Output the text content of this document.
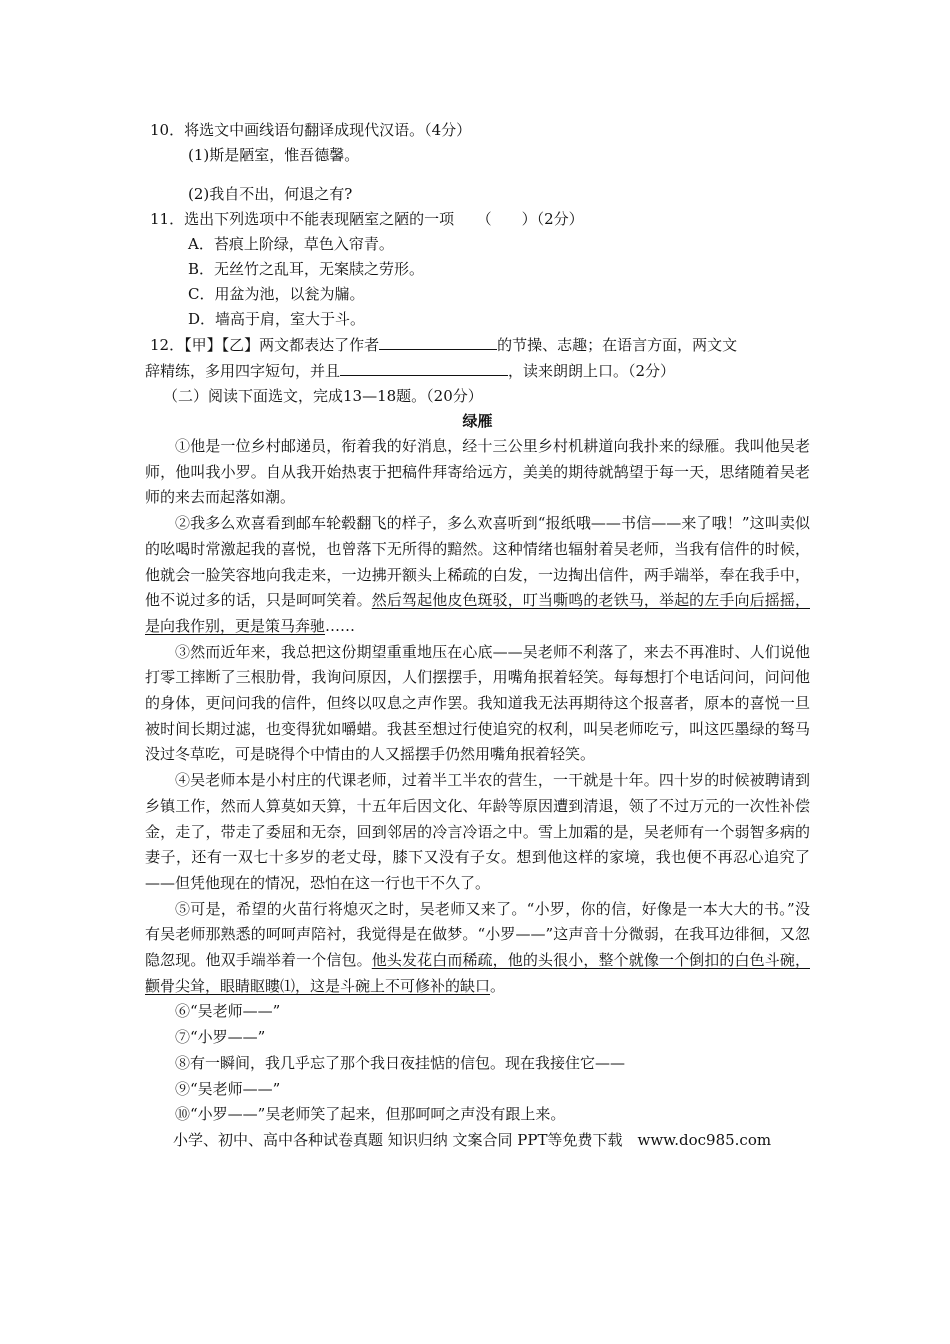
10．将选文中画线语句翻译成现代汉语。（4分）
(1)斯是陋室，惟吾德馨。
(2)我自不出，何退之有?
11．选出下列选项中不能表现陋室之陋的一项　　（　　）（2分）
A．苔痕上阶绿，草色入帘青。
B．无丝竹之乱耳，无案牍之劳形。
C．用盆为池，以瓮为牖。
D．墙高于肩，室大于斗。
12．【甲】【乙】两文都表达了作者	的节操、志趣；在语言方面，两文文
辞精练，多用四字短句，并且	，读来朗朗上口。（2分）
（二）阅读下面选文，完成13—18题。（20分）
绿雁

①他是一位乡村邮递员，衔着我的好消息，经十三公里乡村机耕道向我扑来的绿雁。我叫他吴老师，他叫我小罗。自从我开始热衷于把稿件拜寄给远方，美美的期待就鹄望于每一天，思绪随着吴老师的来去而起落如潮。

②我多么欢喜看到邮车轮毂翻飞的样子，多么欢喜听到“报纸哦——书信——来了哦！”这叫卖似的吆喝时常激起我的喜悦，也曾落下无所得的黯然。这种情绪也辐射着吴老师，当我有信件的时候，他就会一脸笑容地向我走来，一边拂开额头上稀疏的白发，一边掏出信件，两手端举，奉在我手中，他不说过多的话，只是呵呵笑着。然后驾起他皮色斑驳，叮当嘶鸣的老铁马，举起的左手向后摇摇，是向我作别，更是策马奔驰……

③然而近年来，我总把这份期望重重地压在心底——吴老师不利落了，来去不再准时、人们说他打零工摔断了三根肋骨，我询问原因，人们摆摆手，用嘴角抿着轻笑。每每想打个电话问问，问问他的身体，更问问我的信件，但终以叹息之声作罢。我知道我无法再期待这个报喜者，原本的喜悦一旦被时间长期过滤，也变得犹如嚼蜡。我甚至想过行使追究的权利，叫吴老师吃亏，叫这匹墨绿的驽马没过冬草吃，可是晓得个中情由的人又摇摆手仍然用嘴角抿着轻笑。

④吴老师本是小村庄的代课老师，过着半工半农的营生，一干就是十年。四十岁的时候被聘请到乡镇工作，然而人算莫如天算，十五年后因文化、年龄等原因遭到清退，领了不过万元的一次性补偿金，走了，带走了委屈和无奈，回到邻居的冷言冷语之中。雪上加霜的是，吴老师有一个弱智多病的妻子，还有一双七十多岁的老丈母，膝下又没有子女。想到他这样的家境，我也便不再忍心追究了——但凭他现在的情况，恐怕在这一行也干不久了。

⑤可是，希望的火苗行将熄灭之时，吴老师又来了。“小罗，你的信，好像是一本大大的书。”没有吴老师那熟悉的呵呵声陪衬，我觉得是在做梦。“小罗——”这声音十分微弱，在我耳边徘徊，又忽隐忽现。他双手端举着一个信包。他头发花白而稀疏，他的头很小，整个就像一个倒扣的白色斗碗，颧骨尖耸，眼睛眍瞜⑴，这是斗碗上不可修补的缺口。

⑥“吴老师——”
⑦“小罗——”
⑧有一瞬间，我几乎忘了那个我日夜挂惦的信包。现在我接住它——
⑨“吴老师——”
⑩“小罗——”吴老师笑了起来，但那呵呵之声没有跟上来。
小学、初中、高中各种试卷真题 知识归纳 文案合同 PPT等免费下载　www.doc985.com
